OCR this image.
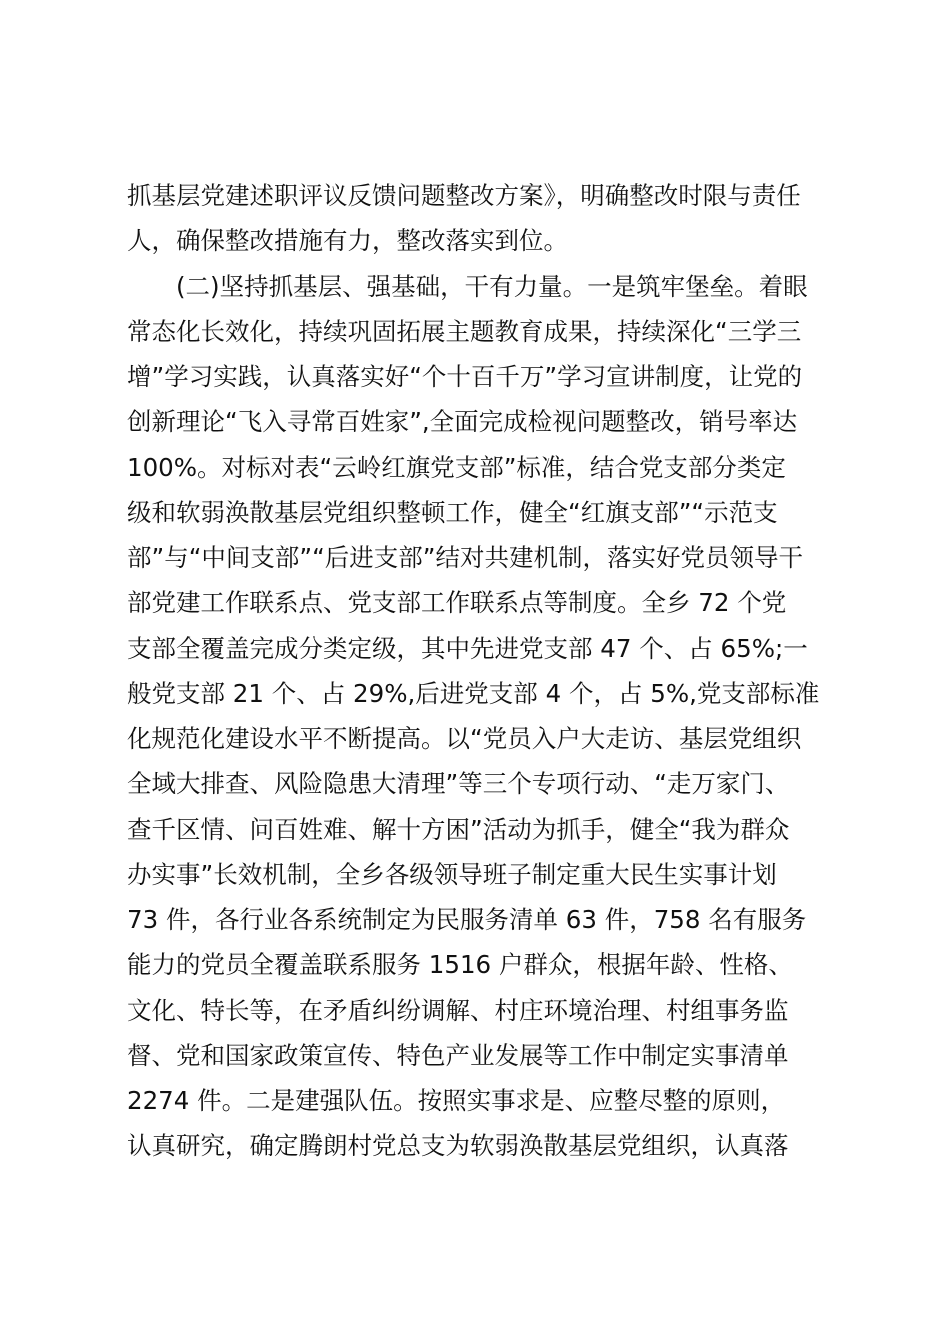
抓基层党建述职评议反馈问题整改方案》，明确整改时限与责任
人，确保整改措施有力，整改落实到位。
(二)坚持抓基层、强基础，干有力量。一是筑牢堡垒。着眼
常态化长效化，持续巩固拓展主题教育成果，持续深化“三学三
增”学习实践，认真落实好“个十百千万”学习宣讲制度，让党的
创新理论“飞入寻常百姓家”,全面完成检视问题整改，销号率达
100%。对标对表“云岭红旗党支部”标准，结合党支部分类定
级和软弱涣散基层党组织整顿工作，健全“红旗支部”“示范支
部”与“中间支部”“后进支部”结对共建机制，落实好党员领导干
部党建工作联系点、党支部工作联系点等制度。全乡 72 个党
支部全覆盖完成分类定级，其中先进党支部 47 个、占 65%;一
般党支部 21 个、占 29%,后进党支部 4 个，占 5%,党支部标准
化规范化建设水平不断提高。以“党员入户大走访、基层党组织
全域大排查、风险隐患大清理”等三个专项行动、“走万家门、
查千区情、问百姓难、解十方困”活动为抓手，健全“我为群众
办实事”长效机制，全乡各级领导班子制定重大民生实事计划
73 件，各行业各系统制定为民服务清单 63 件，758 名有服务
能力的党员全覆盖联系服务 1516 户群众，根据年龄、性格、
文化、特长等，在矛盾纠纷调解、村庄环境治理、村组事务监
督、党和国家政策宣传、特色产业发展等工作中制定实事清单
2274 件。二是建强队伍。按照实事求是、应整尽整的原则，
认真研究，确定腾朗村党总支为软弱涣散基层党组织，认真落
